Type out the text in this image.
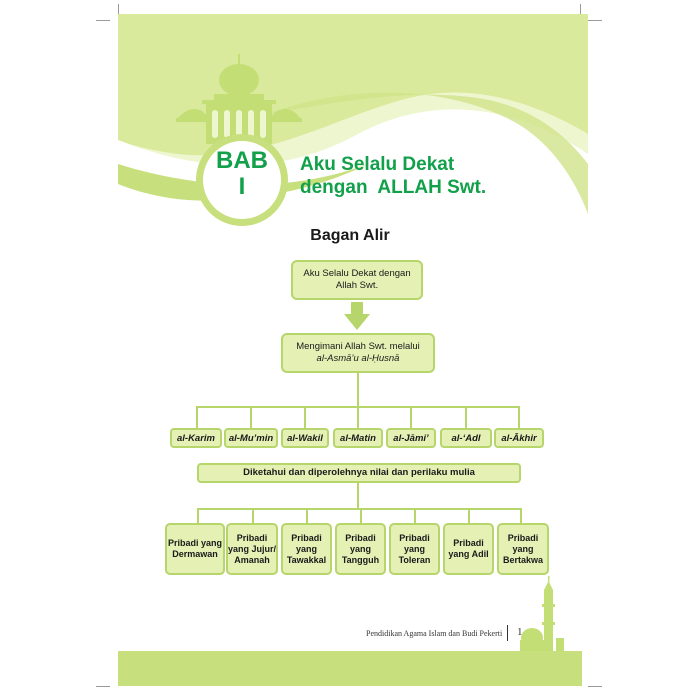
BAB
I
Aku Selalu Dekat
dengan  ALLAH Swt.
Bagan Alir
Aku Selalu Dekat dengan
Allah Swt.
Mengimani Allah Swt. melalui
al-Asmā’u al-Ḥusnā
al-Karim	al-Mu’min	al-Wakil	al-Matin	al-Jāmi’	al-‘Adl	al-Ākhir
Diketahui dan diperolehnya nilai dan perilaku mulia
Pribadi yang
Dermawan
Pribadi
yang Jujur/
Amanah
Pribadi
yang
Tawakkal
Pribadi
yang
Tangguh
Pribadi
yang
Toleran
Pribadi
yang Adil
Pribadi
yang
Bertakwa
Pendidikan Agama Islam dan Budi Pekerti 1
